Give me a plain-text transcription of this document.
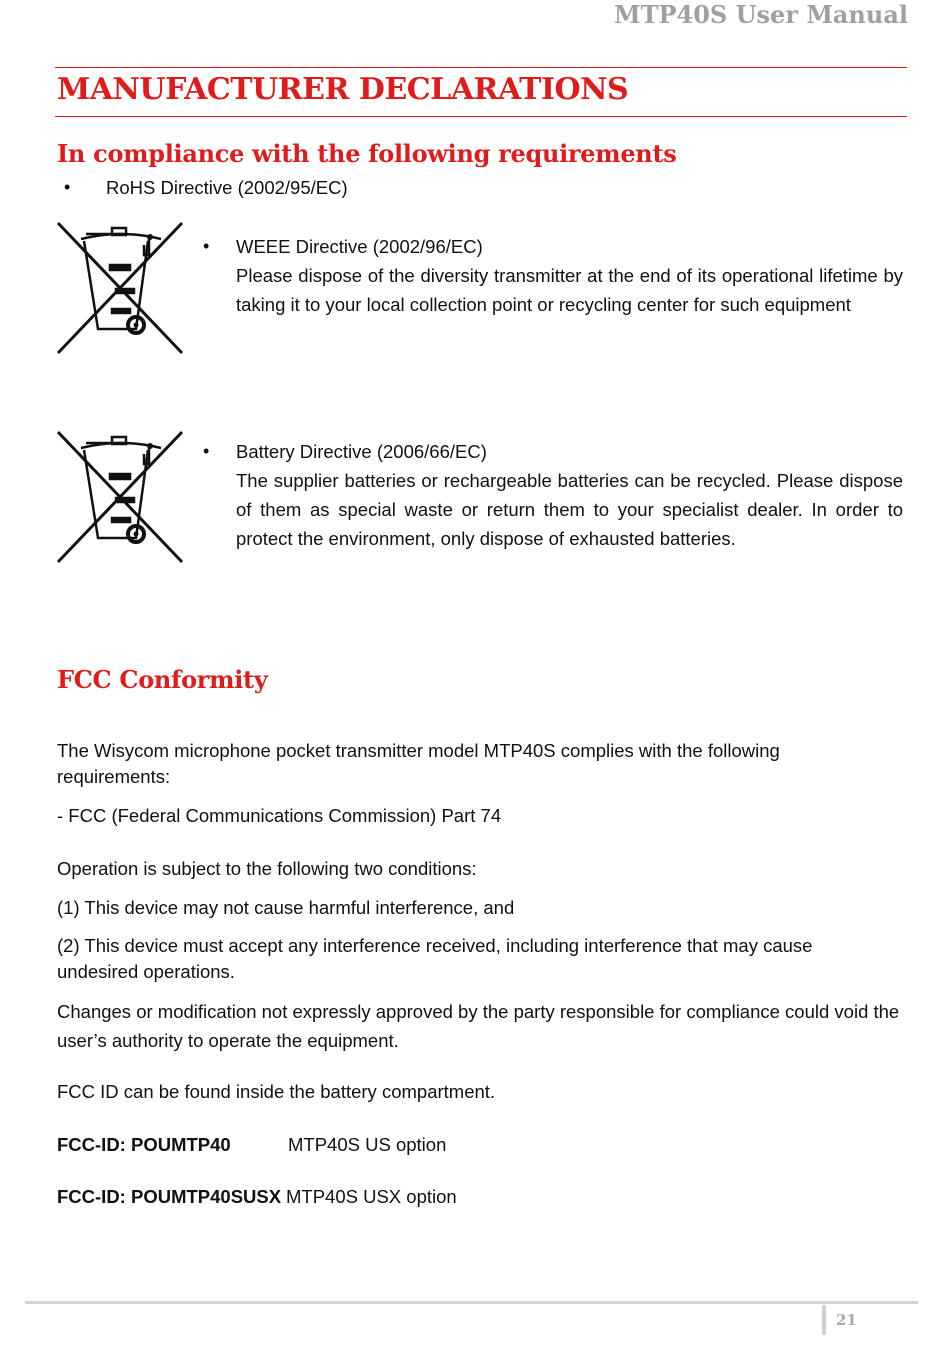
MTP40S User Manual
MANUFACTURER DECLARATIONS
In compliance with the following requirements
• RoHS Directive (2002/95/EC)
• WEEE Directive (2002/96/EC)
Please dispose of the diversity transmitter at the end of its operational lifetime by taking it to your local collection point or recycling center for such equipment
• Battery Directive (2006/66/EC)
The supplier batteries or rechargeable batteries can be recycled. Please dispose of them as special waste or return them to your specialist dealer. In order to protect the environment, only dispose of exhausted batteries.
FCC Conformity
The Wisycom microphone pocket transmitter model MTP40S complies with the following requirements:
- FCC (Federal Communications Commission) Part 74
Operation is subject to the following two conditions:
(1) This device may not cause harmful interference, and
(2) This device must accept any interference received, including interference that may cause undesired operations.
Changes or modification not expressly approved by the party responsible for compliance could void the user’s authority to operate the equipment.
FCC ID can be found inside the battery compartment.
FCC-ID: POUMTP40	MTP40S US option
FCC-ID: POUMTP40SUSX MTP40S USX option
21
